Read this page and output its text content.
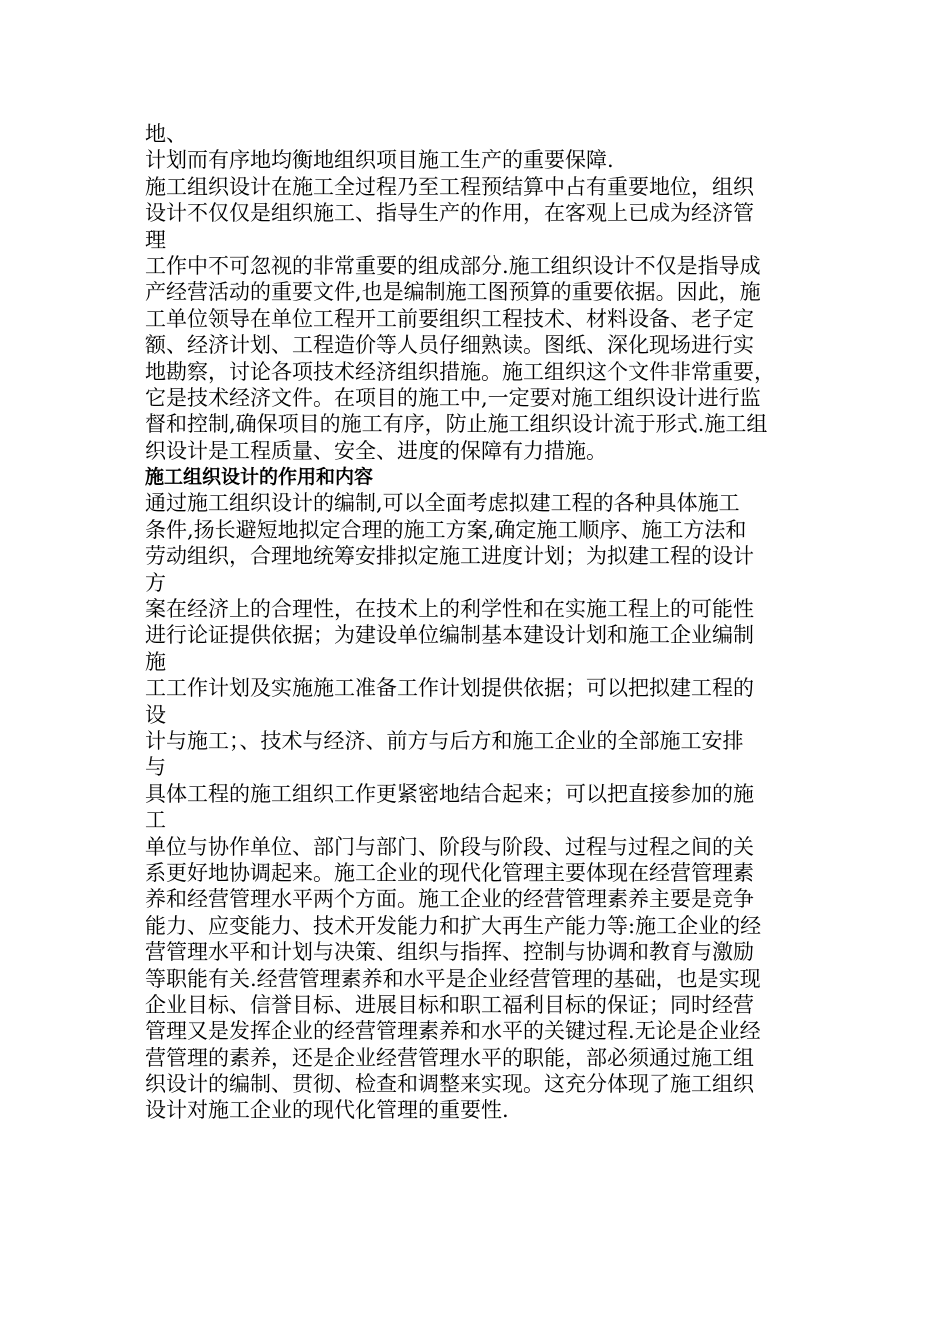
地、
计划而有序地均衡地组织项目施工生产的重要保障.
施工组织设计在施工全过程乃至工程预结算中占有重要地位，组织
设计不仅仅是组织施工、指导生产的作用，在客观上已成为经济管
理
工作中不可忽视的非常重要的组成部分.施工组织设计不仅是指导成
产经营活动的重要文件,也是编制施工图预算的重要依据。因此，施
工单位领导在单位工程开工前要组织工程技术、材料设备、老子定
额、经济计划、工程造价等人员仔细熟读。图纸、深化现场进行实
地勘察，讨论各项技术经济组织措施。施工组织这个文件非常重要，
它是技术经济文件。在项目的施工中,一定要对施工组织设计进行监
督和控制,确保项目的施工有序，防止施工组织设计流于形式.施工组
织设计是工程质量、安全、进度的保障有力措施。
施工组织设计的作用和内容
通过施工组织设计的编制,可以全面考虑拟建工程的各种具体施工
条件,扬长避短地拟定合理的施工方案,确定施工顺序、施工方法和
劳动组织，合理地统筹安排拟定施工进度计划；为拟建工程的设计
方
案在经济上的合理性，在技术上的利学性和在实施工程上的可能性
进行论证提供依据；为建设单位编制基本建设计划和施工企业编制
施
工工作计划及实施施工准备工作计划提供依据；可以把拟建工程的
设
计与施工；、技术与经济、前方与后方和施工企业的全部施工安排
与
具体工程的施工组织工作更紧密地结合起来；可以把直接参加的施
工
单位与协作单位、部门与部门、阶段与阶段、过程与过程之间的关
系更好地协调起来。施工企业的现代化管理主要体现在经营管理素
养和经营管理水平两个方面。施工企业的经营管理素养主要是竞争
能力、应变能力、技术开发能力和扩大再生产能力等:施工企业的经
营管理水平和计划与决策、组织与指挥、控制与协调和教育与激励
等职能有关.经营管理素养和水平是企业经营管理的基础，也是实现
企业目标、信誉目标、进展目标和职工福利目标的保证；同时经营
管理又是发挥企业的经营管理素养和水平的关键过程.无论是企业经
营管理的素养，还是企业经营管理水平的职能，部必须通过施工组
织设计的编制、贯彻、检查和调整来实现。这充分体现了施工组织
设计对施工企业的现代化管理的重要性.
